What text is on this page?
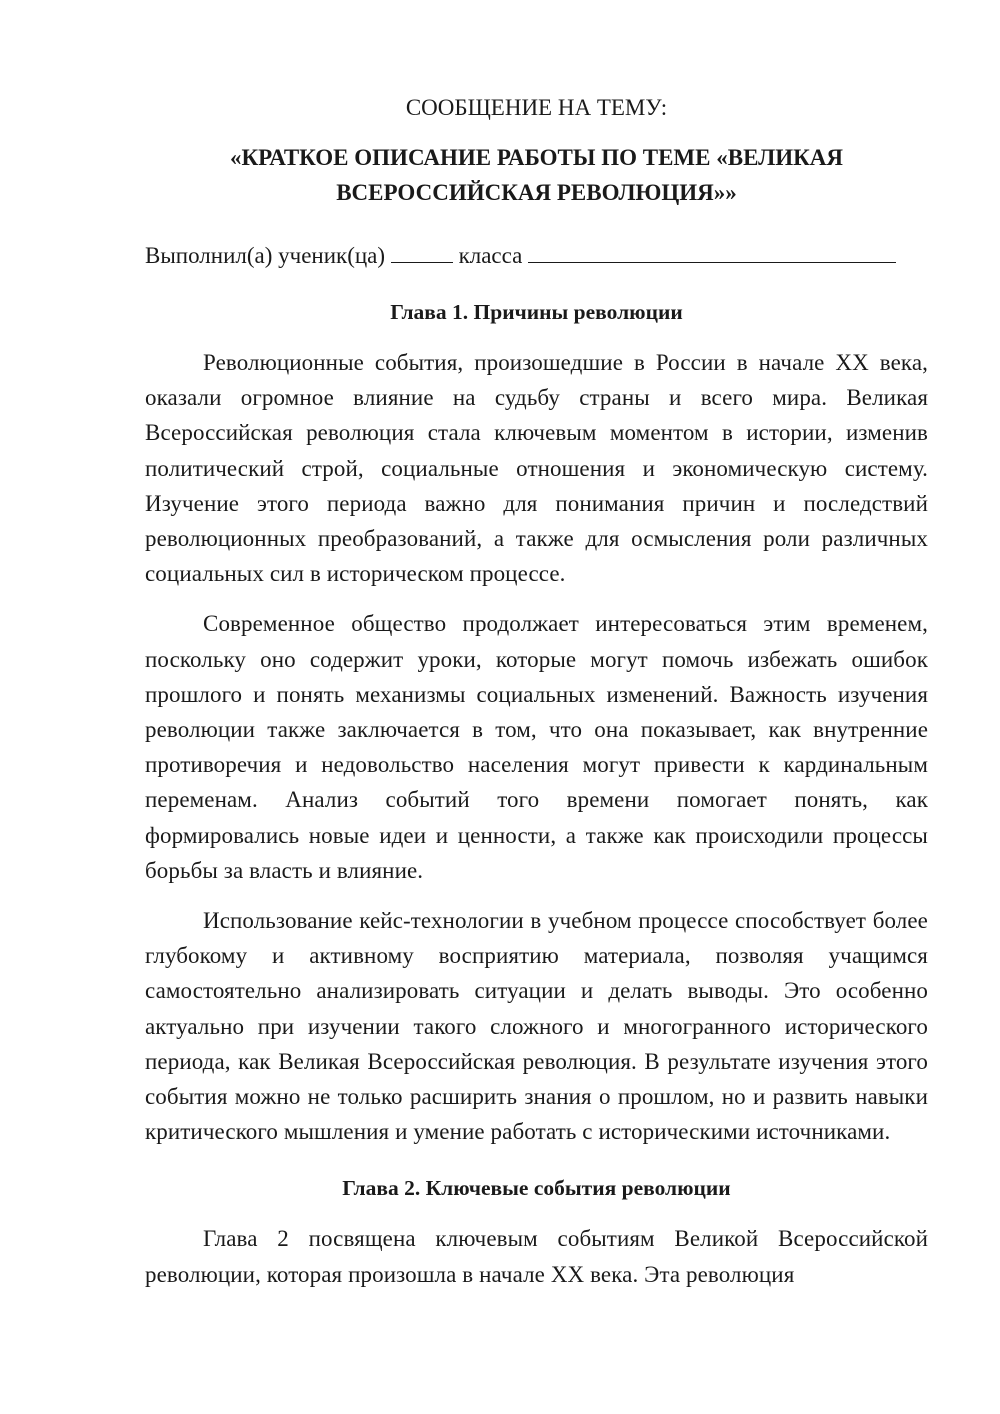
СООБЩЕНИЕ НА ТЕМУ:

«КРАТКОЕ ОПИСАНИЕ РАБОТЫ ПО ТЕМЕ «ВЕЛИКАЯ ВСЕРОССИЙСКАЯ РЕВОЛЮЦИЯ»»

Выполнил(а) ученик(ца)	класса

Глава 1. Причины революции

Революционные события, произошедшие в России в начале XX века, оказали огромное влияние на судьбу страны и всего мира. Великая Всероссийская революция стала ключевым моментом в истории, изменив политический строй, социальные отношения и экономическую систему. Изучение этого периода важно для понимания причин и последствий революционных преобразований, а также для осмысления роли различных социальных сил в историческом процессе.

Современное общество продолжает интересоваться этим временем, поскольку оно содержит уроки, которые могут помочь избежать ошибок прошлого и понять механизмы социальных изменений. Важность изучения революции также заключается в том, что она показывает, как внутренние противоречия и недовольство населения могут привести к кардинальным переменам. Анализ событий того времени помогает понять, как формировались новые идеи и ценности, а также как происходили процессы борьбы за власть и влияние.

Использование кейс-технологии в учебном процессе способствует более глубокому и активному восприятию материала, позволяя учащимся самостоятельно анализировать ситуации и делать выводы. Это особенно актуально при изучении такого сложного и многогранного исторического периода, как Великая Всероссийская революция. В результате изучения этого события можно не только расширить знания о прошлом, но и развить навыки критического мышления и умение работать с историческими источниками.

Глава 2. Ключевые события революции

Глава 2 посвящена ключевым событиям Великой Всероссийской революции, которая произошла в начале XX века. Эта революция
